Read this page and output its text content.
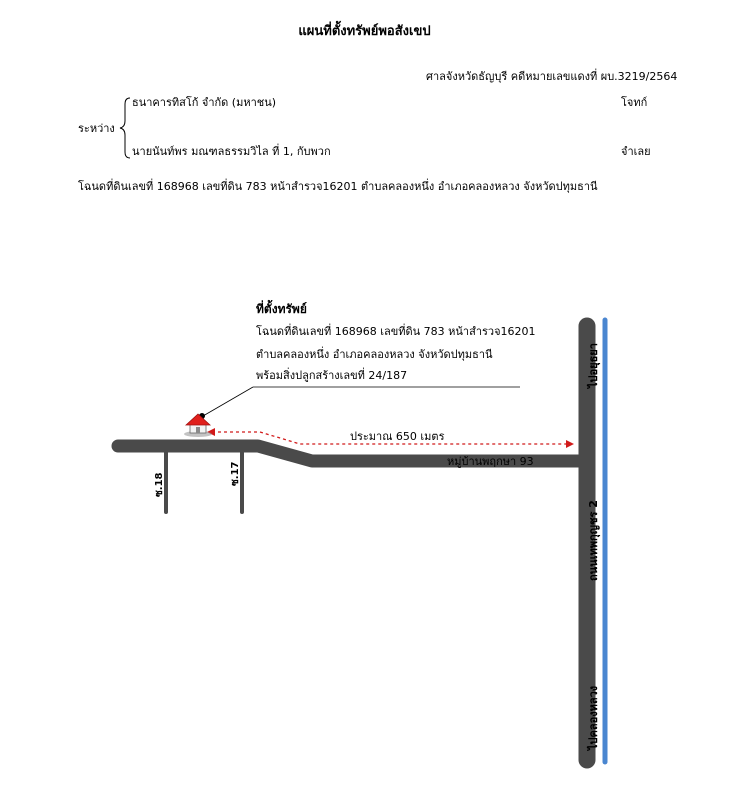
แผนที่ตั้งทรัพย์พอสังเขป
ศาลจังหวัดธัญบุรี คดีหมายเลขแดงที่ ผบ.3219/2564
ธนาคารทิสโก้ จำกัด (มหาชน)	โจทก์
ระหว่าง
นายนันท์พร มณฑลธรรมวิไล ที่ 1, กับพวก	จำเลย
โฉนดที่ดินเลขที่ 168968 เลขที่ดิน 783 หน้าสำรวจ16201 ตำบลคลองหนึ่ง อำเภอคลองหลวง จังหวัดปทุมธานี
ที่ตั้งทรัพย์
โฉนดที่ดินเลขที่ 168968 เลขที่ดิน 783 หน้าสำรวจ16201
ตำบลคลองหนึ่ง อำเภอคลองหลวง จังหวัดปทุมธานี
พร้อมสิ่งปลูกสร้างเลขที่ 24/187
ประมาณ 650 เมตร
หมู่บ้านพฤกษา 93
ซ.18	ซ.17
ไปอยุธยา
ถนนเทพกุญชร 2
ไปคลองหลวง
